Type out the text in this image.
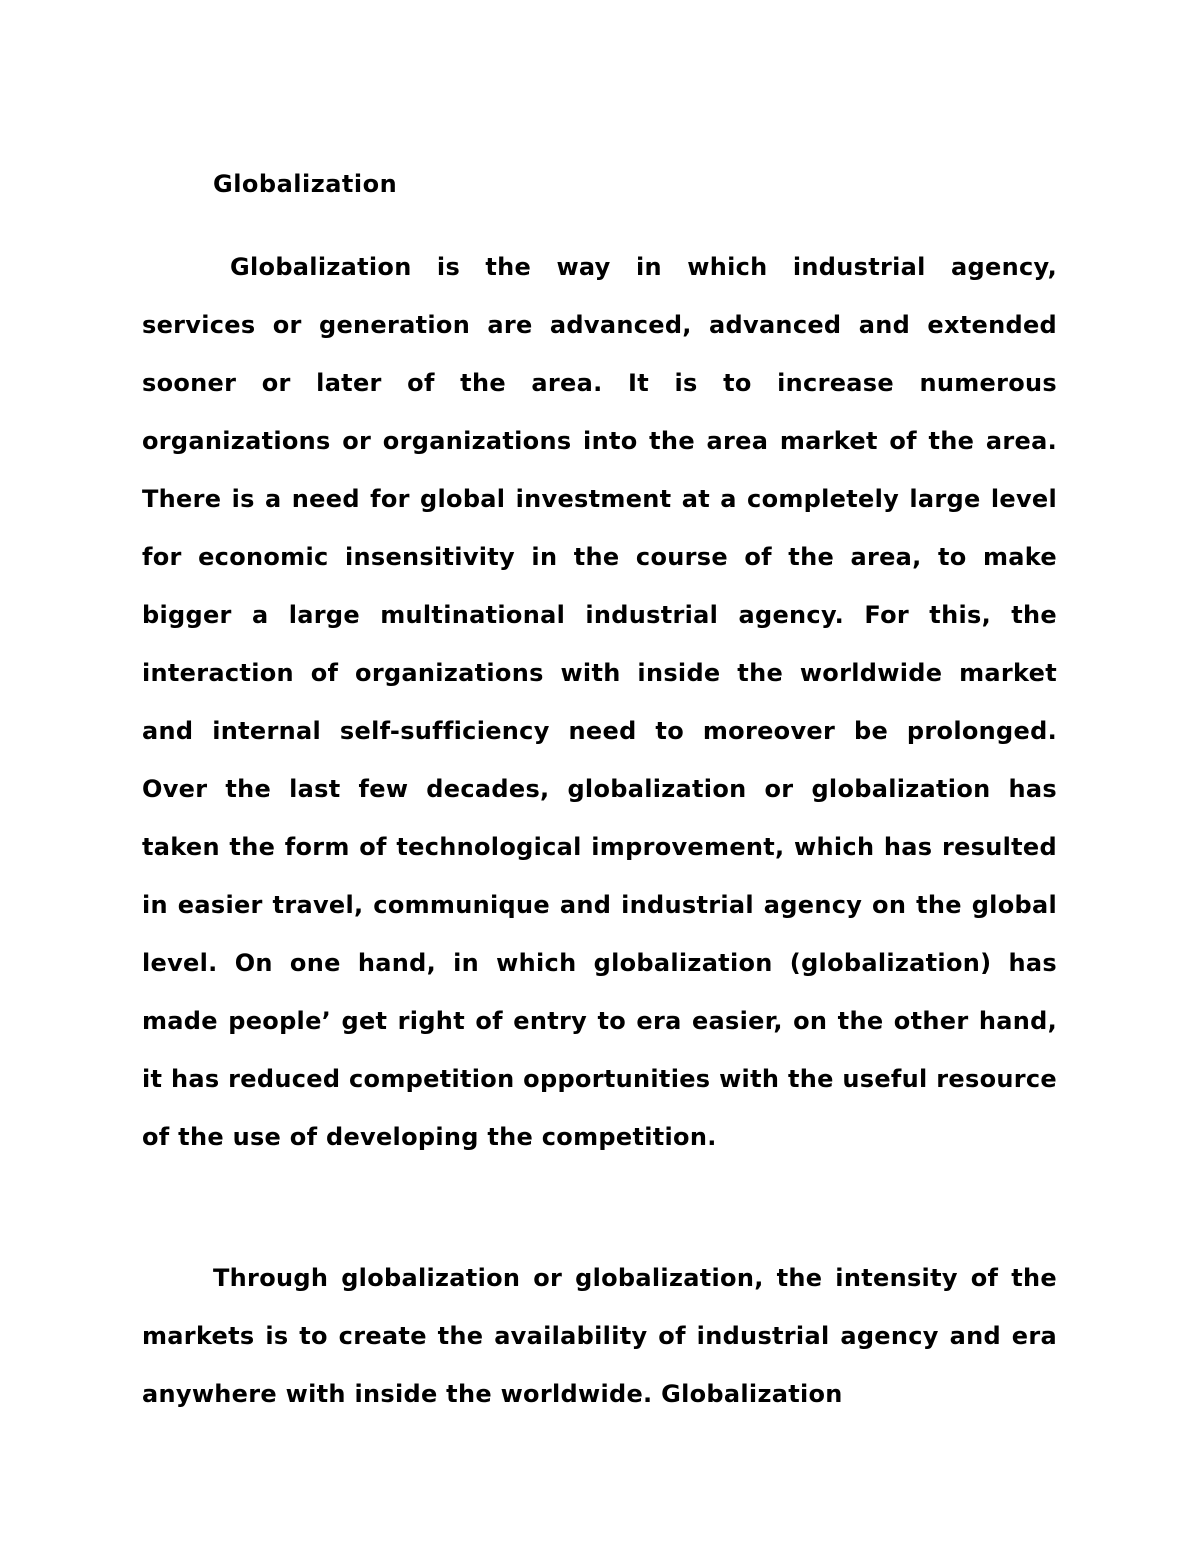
Globalization

Globalization is the way in which industrial agency, services or generation are advanced, advanced and extended sooner or later of the area. It is to increase numerous organizations or organizations into the area market of the area. There is a need for global investment at a completely large level for economic insensitivity in the course of the area, to make bigger a large multinational industrial agency. For this, the interaction of organizations with inside the worldwide market and internal self-sufficiency need to moreover be prolonged. Over the last few decades, globalization or globalization has taken the form of technological improvement, which has resulted in easier travel, communique and industrial agency on the global level. On one hand, in which globalization (globalization) has made people’ get right of entry to era easier, on the other hand, it has reduced competition opportunities with the useful resource of the use of developing the competition.

Through globalization or globalization, the intensity of the markets is to create the availability of industrial agency and era anywhere with inside the worldwide. Globalization
